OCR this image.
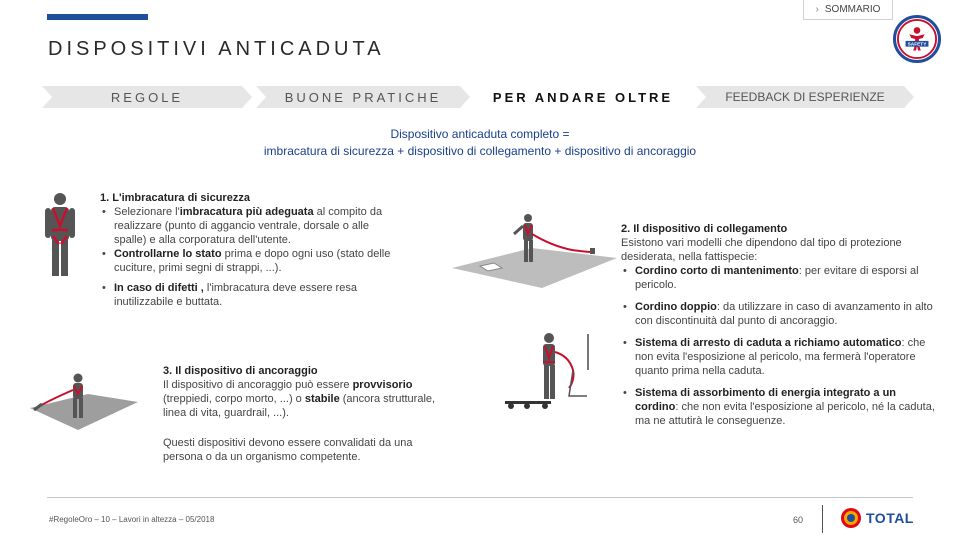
› SOMMARIO
DISPOSITIVI ANTICADUTA	SAFETY
REGOLE	BUONE PRATICHE	PER ANDARE OLTRE	FEEDBACK DI ESPERIENZE
Dispositivo anticaduta completo =
imbracatura di sicurezza + dispositivo di collegamento + dispositivo di ancoraggio
1. L'imbracatura di sicurezza
• Selezionare l'imbracatura più adeguata al compito da realizzare (punto di aggancio ventrale, dorsale o alle spalle) e alla corporatura dell'utente.
• Controllarne lo stato prima e dopo ogni uso (stato delle cuciture, primi segni di strappi, ...).
• In caso di difetti , l'imbracatura deve essere resa inutilizzabile e buttata.
2. Il dispositivo di collegamento
Esistono vari modelli che dipendono dal tipo di protezione desiderata, nella fattispecie:
• Cordino corto di mantenimento: per evitare di esporsi al pericolo.
• Cordino doppio: da utilizzare in caso di avanzamento in alto con discontinuità dal punto di ancoraggio.
• Sistema di arresto di caduta a richiamo automatico: che non evita l'esposizione al pericolo, ma fermerà l'operatore quanto prima nella caduta.
• Sistema di assorbimento di energia integrato a un cordino: che non evita l'esposizione al pericolo, né la caduta, ma ne attutirà le conseguenze.
3. Il dispositivo di ancoraggio
Il dispositivo di ancoraggio può essere provvisorio (treppiedi, corpo morto, ...) o stabile (ancora strutturale, linea di vita, guardrail, ...).
Questi dispositivi devono essere convalidati da una persona o da un organismo competente.
#RegoleOro – 10 – Lavori in altezza – 05/2018	60	TOTAL
